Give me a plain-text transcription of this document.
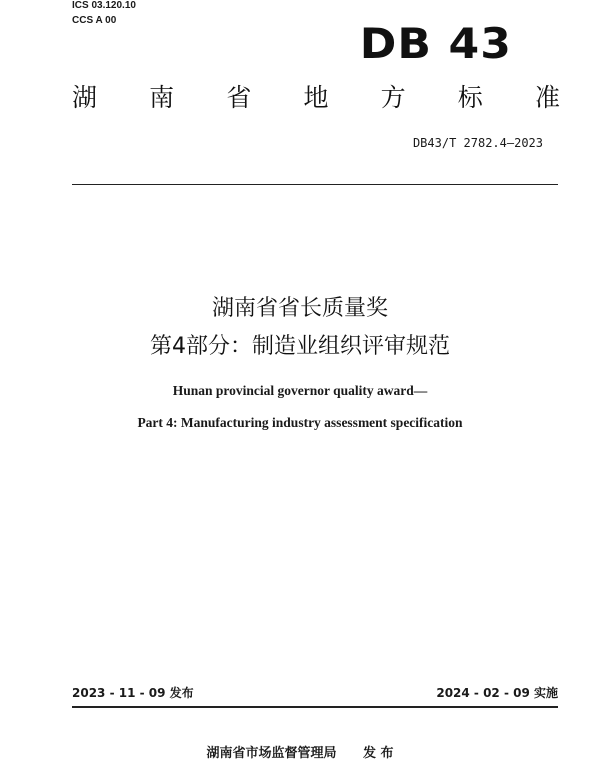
ICS 03.120.10
CCS A 00	DB 43
湖 南 省 地 方 标 准
DB43/T 2782.4—2023
湖南省省长质量奖
第4部分：制造业组织评审规范
Hunan provincial governor quality award—
Part 4: Manufacturing industry assessment specification
2023 - 11 - 09 发布	2024 - 02 - 09 实施
湖南省市场监督管理局 发 布
